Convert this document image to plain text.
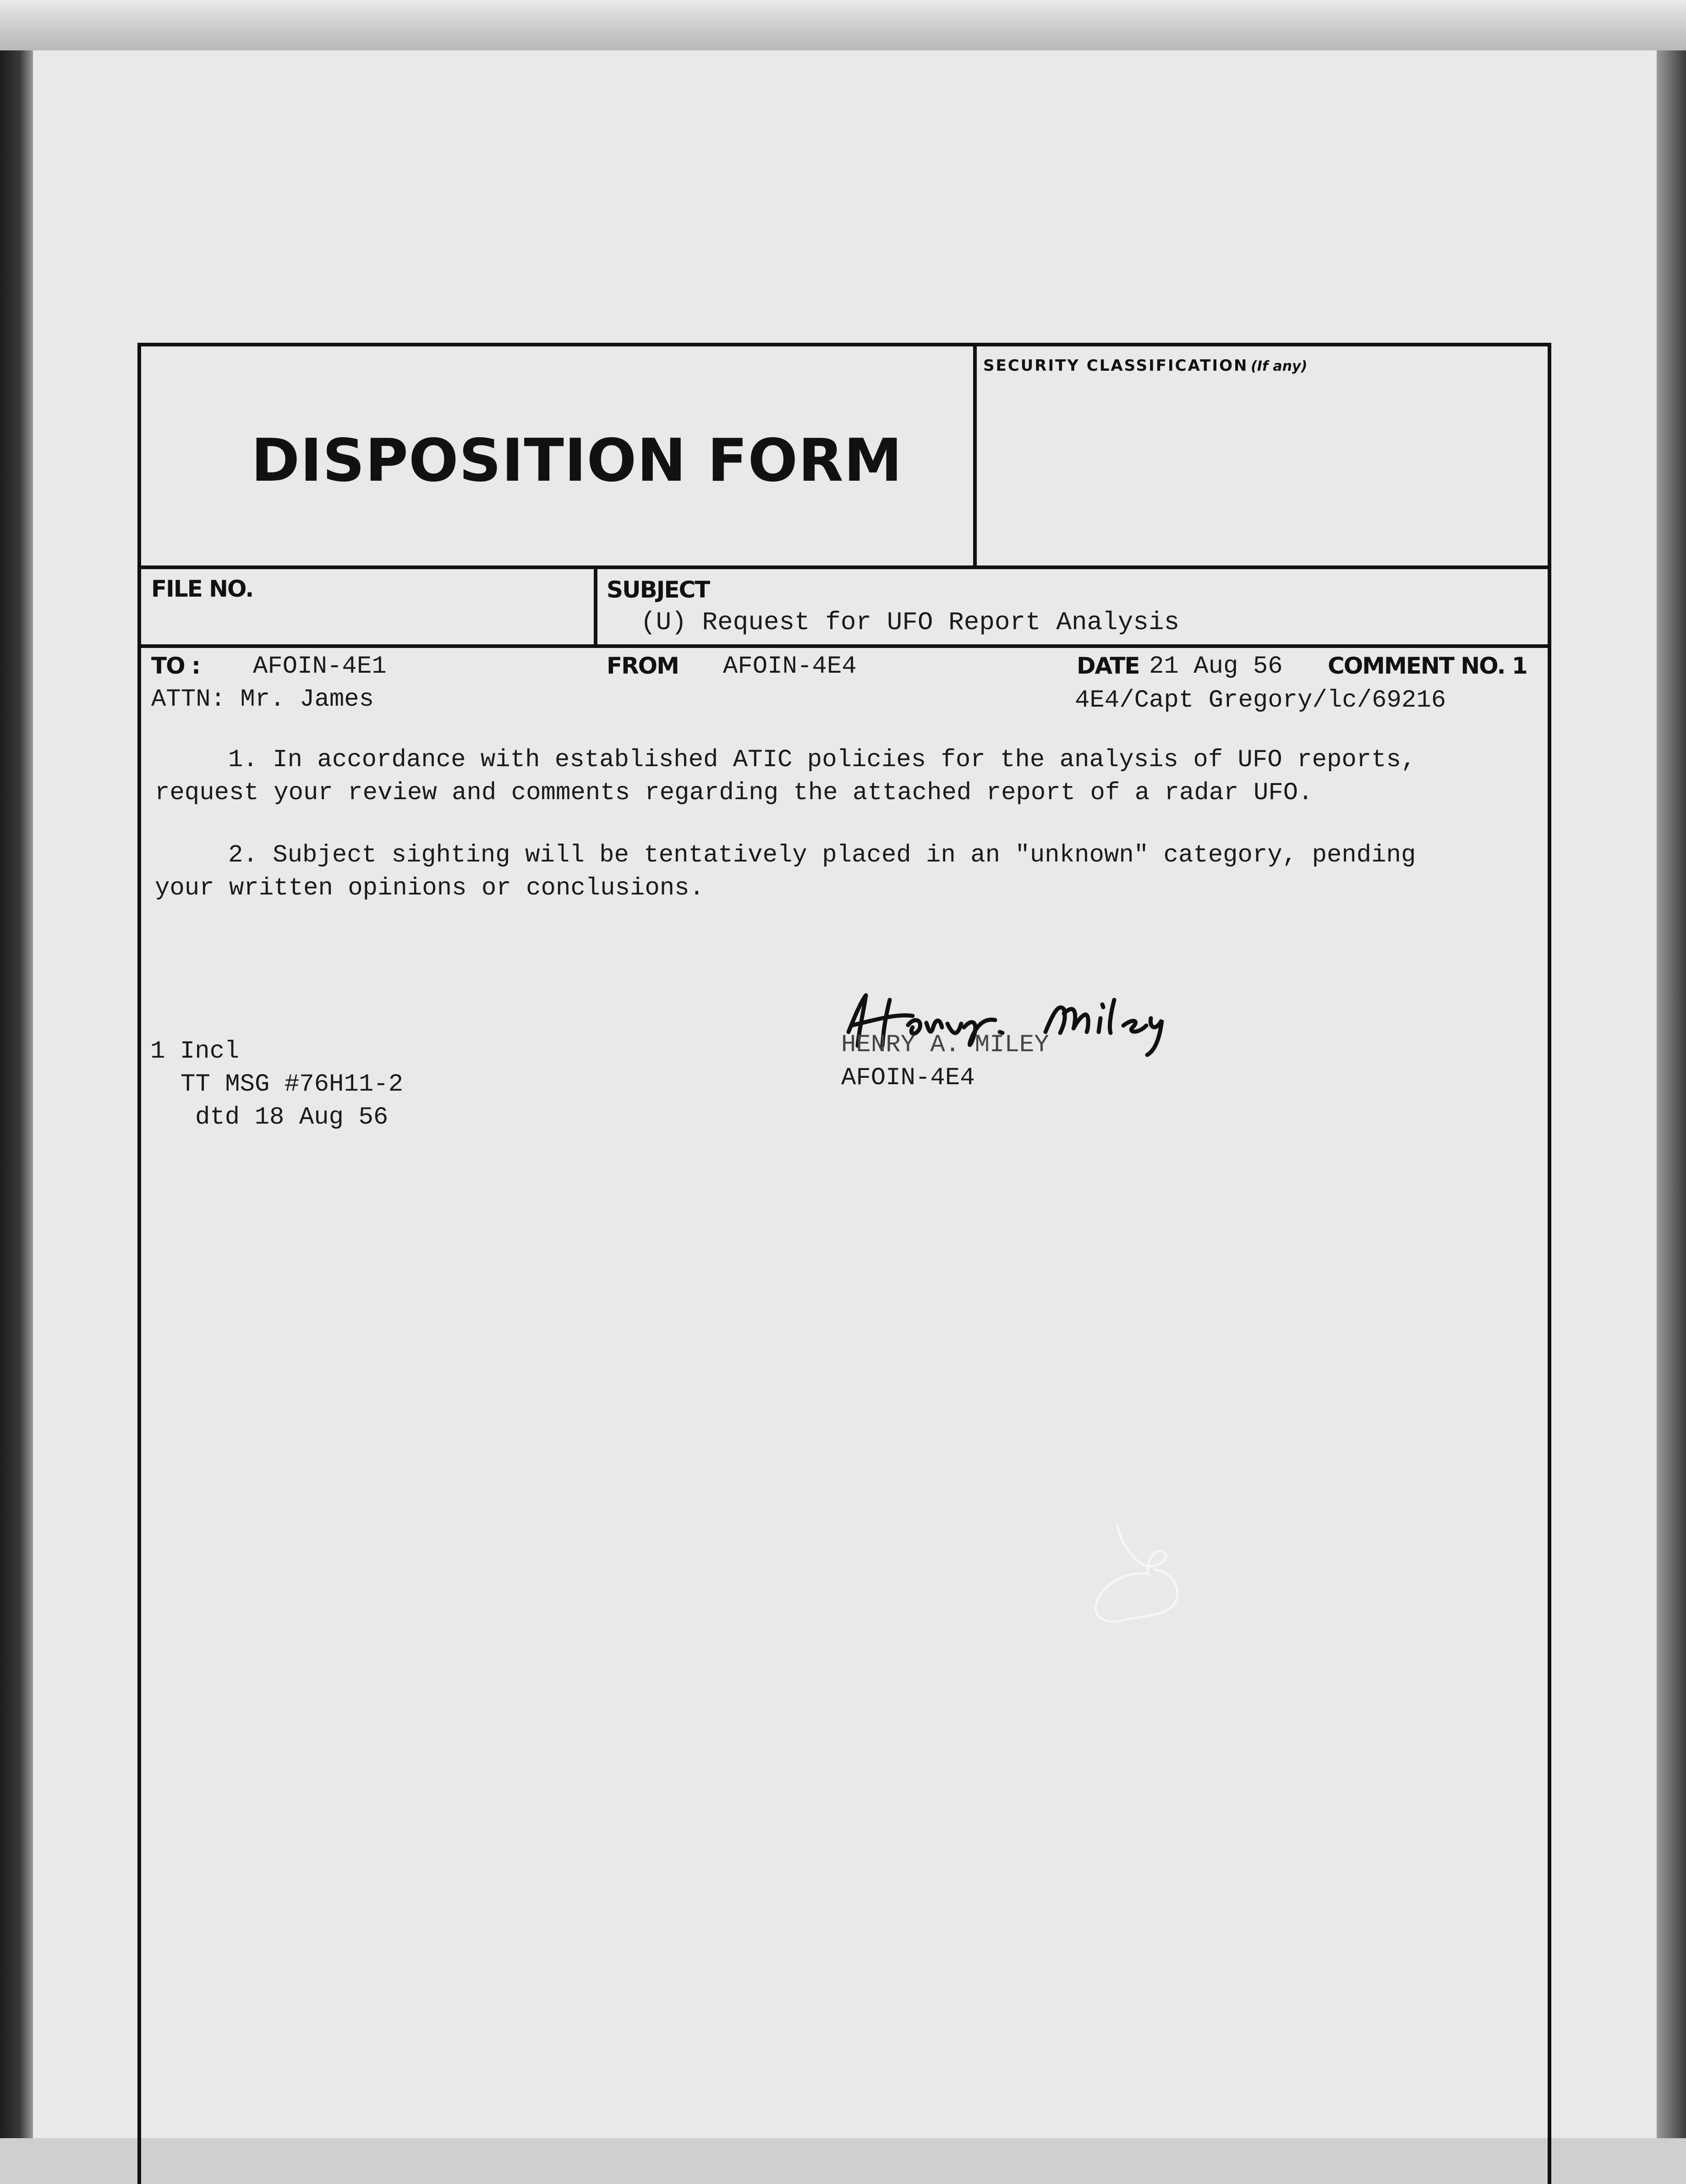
DISPOSITION FORM
SECURITY CLASSIFICATION (If any)
FILE NO.	SUBJECT
(U) Request for UFO Report Analysis
TO : AFOIN-4E1
ATTN: Mr. James
FROM AFOIN-4E4	DATE 21 Aug 56 COMMENT NO. 1
4E4/Capt Gregory/lc/69216
1. In accordance with established ATIC policies for the analysis of UFO reports,
request your review and comments regarding the attached report of a radar UFO.
2. Subject sighting will be tentatively placed in an "unknown" category, pending
your written opinions or conclusions.
1 Incl
TT MSG #76H11-2
dtd 18 Aug 56
HENRY A. MILEY
AFOIN-4E4
